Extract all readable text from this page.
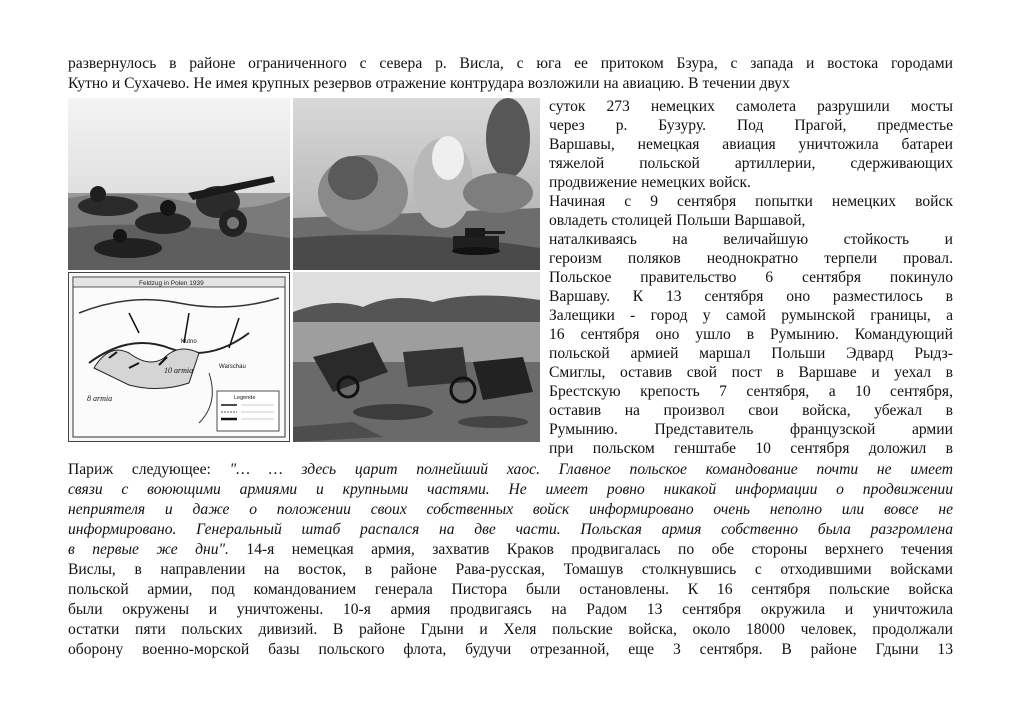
развернулось в районе ограниченного с севера р. Висла, с юга ее притоком Бзура, с запада и востока городами
Кутно и Сухачево. Не имея крупных резервов отражение контрудара возложили на авиацию. В течении двух
Feldzug in Polen 1939
Kutno
Warschau
10 armia
8 armia	Legende
суток 273 немецких самолета разрушили мосты
через р. Бузуру. Под Прагой, предместье
Варшавы, немецкая авиация уничтожила батареи
тяжелой польской артиллерии, сдерживающих
продвижение немецких войск.
Начиная с 9 сентября попытки немецких войск
овладеть столицей Польши Варшавой,
наталкиваясь на величайшую стойкость и
героизм поляков неоднократно терпели провал.
Польское правительство 6 сентября покинуло
Варшаву. К 13 сентября оно разместилось в
Залещики - город у самой румынской границы, а
16 сентября оно ушло в Румынию. Командующий
польской армией маршал Польши Эдвард Рыдз-
Смиглы, оставив свой пост в Варшаве и уехал в
Брестскую крепость 7 сентября, а 10 сентября,
оставив на произвол свои войска, убежал в
Румынию. Представитель французской армии
при польском генштабе 10 сентября доложил в
Париж следующее: "… … здесь царит полнейший хаос. Главное польское командование почти не имеет
связи с воюющими армиями и крупными частями. Не имеет ровно никакой информации о продвижении
неприятеля и даже о положении своих собственных войск информировано очень неполно или вовсе не
информировано. Генеральный штаб распался на две части. Польская армия собственно была разгромлена
в первые же дни". 14-я немецкая армия, захватив Краков продвигалась по обе стороны верхнего течения
Вислы, в направлении на восток, в районе Рава-русская, Томашув столкнувшись с отходившими войсками
польской армии, под командованием генерала Пистора были остановлены. К 16 сентября польские войска
были окружены и уничтожены. 10-я армия продвигаясь на Радом 13 сентября окружила и уничтожила
остатки пяти польских дивизий. В районе Гдыни и Хеля польские войска, около 18000 человек, продолжали
оборону военно-морской базы польского флота, будучи отрезанной, еще 3 сентября. В районе Гдыни 13
